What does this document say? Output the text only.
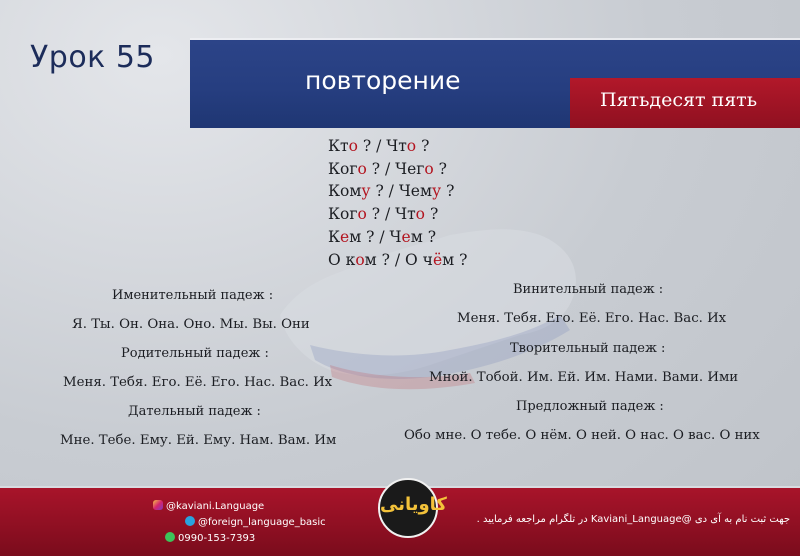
Урок 55
повторение
Пятьдесят пять
Кто ? / Что ?
Кого ? / Чего ?
Кому ? / Чему ?
Кого ? / Что ?
Кем ? / Чем ?
О ком ? / О чём ?
Именительный падеж :
Я. Ты. Он. Она. Оно. Мы. Вы. Они
Родительный падеж :
Меня. Тебя. Его. Её. Его. Нас. Вас. Их
Дательный падеж :
Мне. Тебе. Ему. Ей. Ему. Нам. Вам. Им
Винительный падеж :
Меня. Тебя. Его. Её. Его. Нас. Вас. Их
Творительный падеж :
Мной. Тобой. Им. Ей. Им. Нами. Вами. Ими
Предложный падеж :
Обо мне. О тебе. О нём. О ней. О нас. О вас. О них
@kaviani.Language
@foreign_language_basic
0990-153-7393
کاویانی
جهت ثبت نام به آی دی @Kaviani_Language در تلگرام مراجعه فرمایید .
